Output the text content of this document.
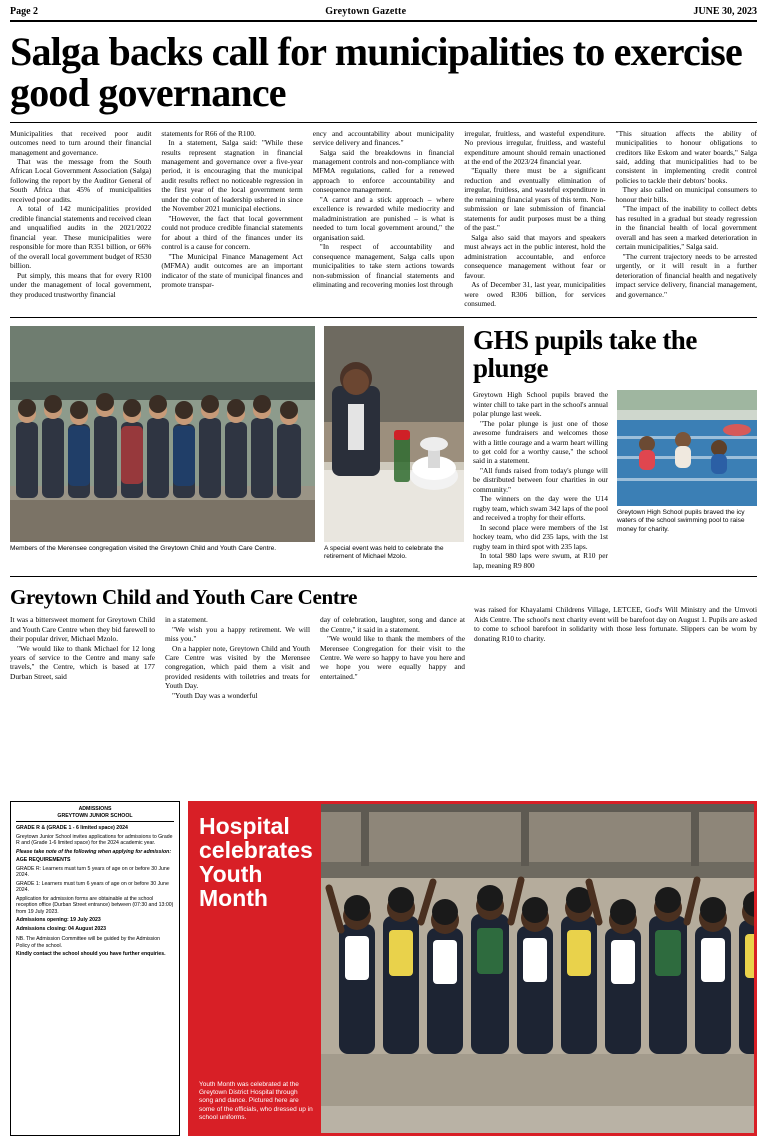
Page 2	Greytown Gazette	JUNE 30, 2023
Salga backs call for municipalities to exercise good governance

Municipalities that received poor audit outcomes need to turn around their financial management and governance.

That was the message from the South African Local Government Association (Salga) following the report by the Auditor General of South Africa that 45% of municipalities received poor audits.

A total of 142 municipalities provided credible financial statements and received clean and unqualified audits in the 2021/2022 financial year. These municipalities were responsible for more than R351 billion, or 66% of the overall local government budget of R530 billion.

Put simply, this means that for every R100 under the management of local government, they produced trustworthy financial

statements for R66 of the R100.

In a statement, Salga said: "While these results represent stagnation in financial management and governance over a five-year period, it is encouraging that the municipal audit results reflect no noticeable regression in the first year of the local government term under the cohort of leadership ushered in since the November 2021 municipal elections.

"However, the fact that local government could not produce credible financial statements for about a third of the finances under its control is a cause for concern.

"The Municipal Finance Management Act (MFMA) audit outcomes are an important indicator of the state of municipal finances and promote transpar-

ency and accountability about municipality service delivery and finances."

Salga said the breakdowns in financial management controls and non-compliance with MFMA regulations, called for a renewed approach to enforce accountability and consequence management.

"A carrot and a stick approach – where excellence is rewarded while mediocrity and maladministration are punished – is what is needed to turn local government around," the organisation said.

"In respect of accountability and consequence management, Salga calls upon municipalities to take stern actions towards non-submission of financial statements and eliminating and recovering monies lost through

irregular, fruitless, and wasteful expenditure. No previous irregular, fruitless, and wasteful expenditure amount should remain unactioned at the end of the 2023/24 financial year.

"Equally there must be a significant reduction and eventually elimination of irregular, fruitless, and wasteful expenditure in the remaining financial years of this term. Non-submission or late submission of financial statements for audit purposes must be a thing of the past."

Salga also said that mayors and speakers must always act in the public interest, hold the administration accountable, and enforce consequence management without fear or favour.

As of December 31, last year, municipalities were owed R306 billion, for services consumed.

"This situation affects the ability of municipalities to honour obligations to creditors like Eskom and water boards," Salga said, adding that municipalities had to be consistent in implementing credit control policies to tackle their debtors' books.

They also called on municipal consumers to honour their bills.

"The impact of the inability to collect debts has resulted in a gradual but steady regression in the financial health of local government overall and has seen a marked deterioration in certain municipalities," Salga said.

"The current trajectory needs to be arrested urgently, or it will result in a further deterioration of financial health and negatively impact service delivery, financial management, and governance."

Members of the Merensee congregation visited the Greytown Child and Youth Care Centre.	A special event was held to celebrate the retirement of Michael Mzolo.
GHS pupils take the plunge

Greytown High School pupils braved the winter chill to take part in the school's annual polar plunge last week.

"The polar plunge is just one of those awesome fundraisers and welcomes those with a little courage and a warm heart willing to get cold for a worthy cause," the school said in a statement.

"All funds raised from today's plunge will be distributed between four charities in our community."

The winners on the day were the U14 rugby team, which swam 342 laps of the pool and received a trophy for their efforts.

In second place were members of the 1st hockey team, who did 235 laps, with the 1st rugby team in third spot with 235 laps.

In total 980 laps were swum, at R10 per lap, meaning R9 800

Greytown High School pupils braved the icy waters of the school swimming pool to raise money for charity.
Greytown Child and Youth Care Centre

It was a bittersweet moment for Greytown Child and Youth Care Centre when they bid farewell to their popular driver, Michael Mzolo.

"We would like to thank Michael for 12 long years of service to the Centre and many safe travels," the Centre, which is based at 177 Durban Street, said

in a statement.

"We wish you a happy retirement. We will miss you."

On a happier note, Greytown Child and Youth Care Centre was visited by the Merensee congregation, which paid them a visit and provided residents with toiletries and treats for Youth Day.

"Youth Day was a wonderful

day of celebration, laughter, song and dance at the Centre," it said in a statement.

"We would like to thank the members of the Merensee Congregation for their visit to the Centre. We were so happy to have you here and we hope you were equally happy and entertained."

was raised for Khayalami Childrens Village, LETCEE, God's Will Ministry and the Umvoti Aids Centre. The school's next charity event will be barefoot day on August 1. Pupils are asked to come to school barefoot in solidarity with those less fortunate. Slippers can be worn by donating R10 to charity.

ADMISSIONS
GREYTOWN JUNIOR SCHOOL

GRADE R & (GRADE 1 - 6 limited space) 2024

Greytown Junior School invites applications for admissions to Grade R and (Grade 1-6 limited space) for the 2024 academic year.

Please take note of the following when applying for admission:

AGE REQUIREMENTS

GRADE R: Learners must turn 5 years of age on or before 30 June 2024.

GRADE 1: Learners must turn 6 years of age on or before 30 June 2024.

Application for admission forms are obtainable at the school reception office (Durban Street entrance) between (07:30 and 13:00) from 19 July 2023.

Admissions opening: 19 July 2023

Admissions closing: 04 August 2023

NB. The Admission Committee will be guided by the Admission Policy of the school.

Kindly contact the school should you have further enquiries.

Hospital celebrates Youth Month
Youth Month was celebrated at the Greytown District Hospital through song and dance. Pictured here are some of the officials, who dressed up in school uniforms.
